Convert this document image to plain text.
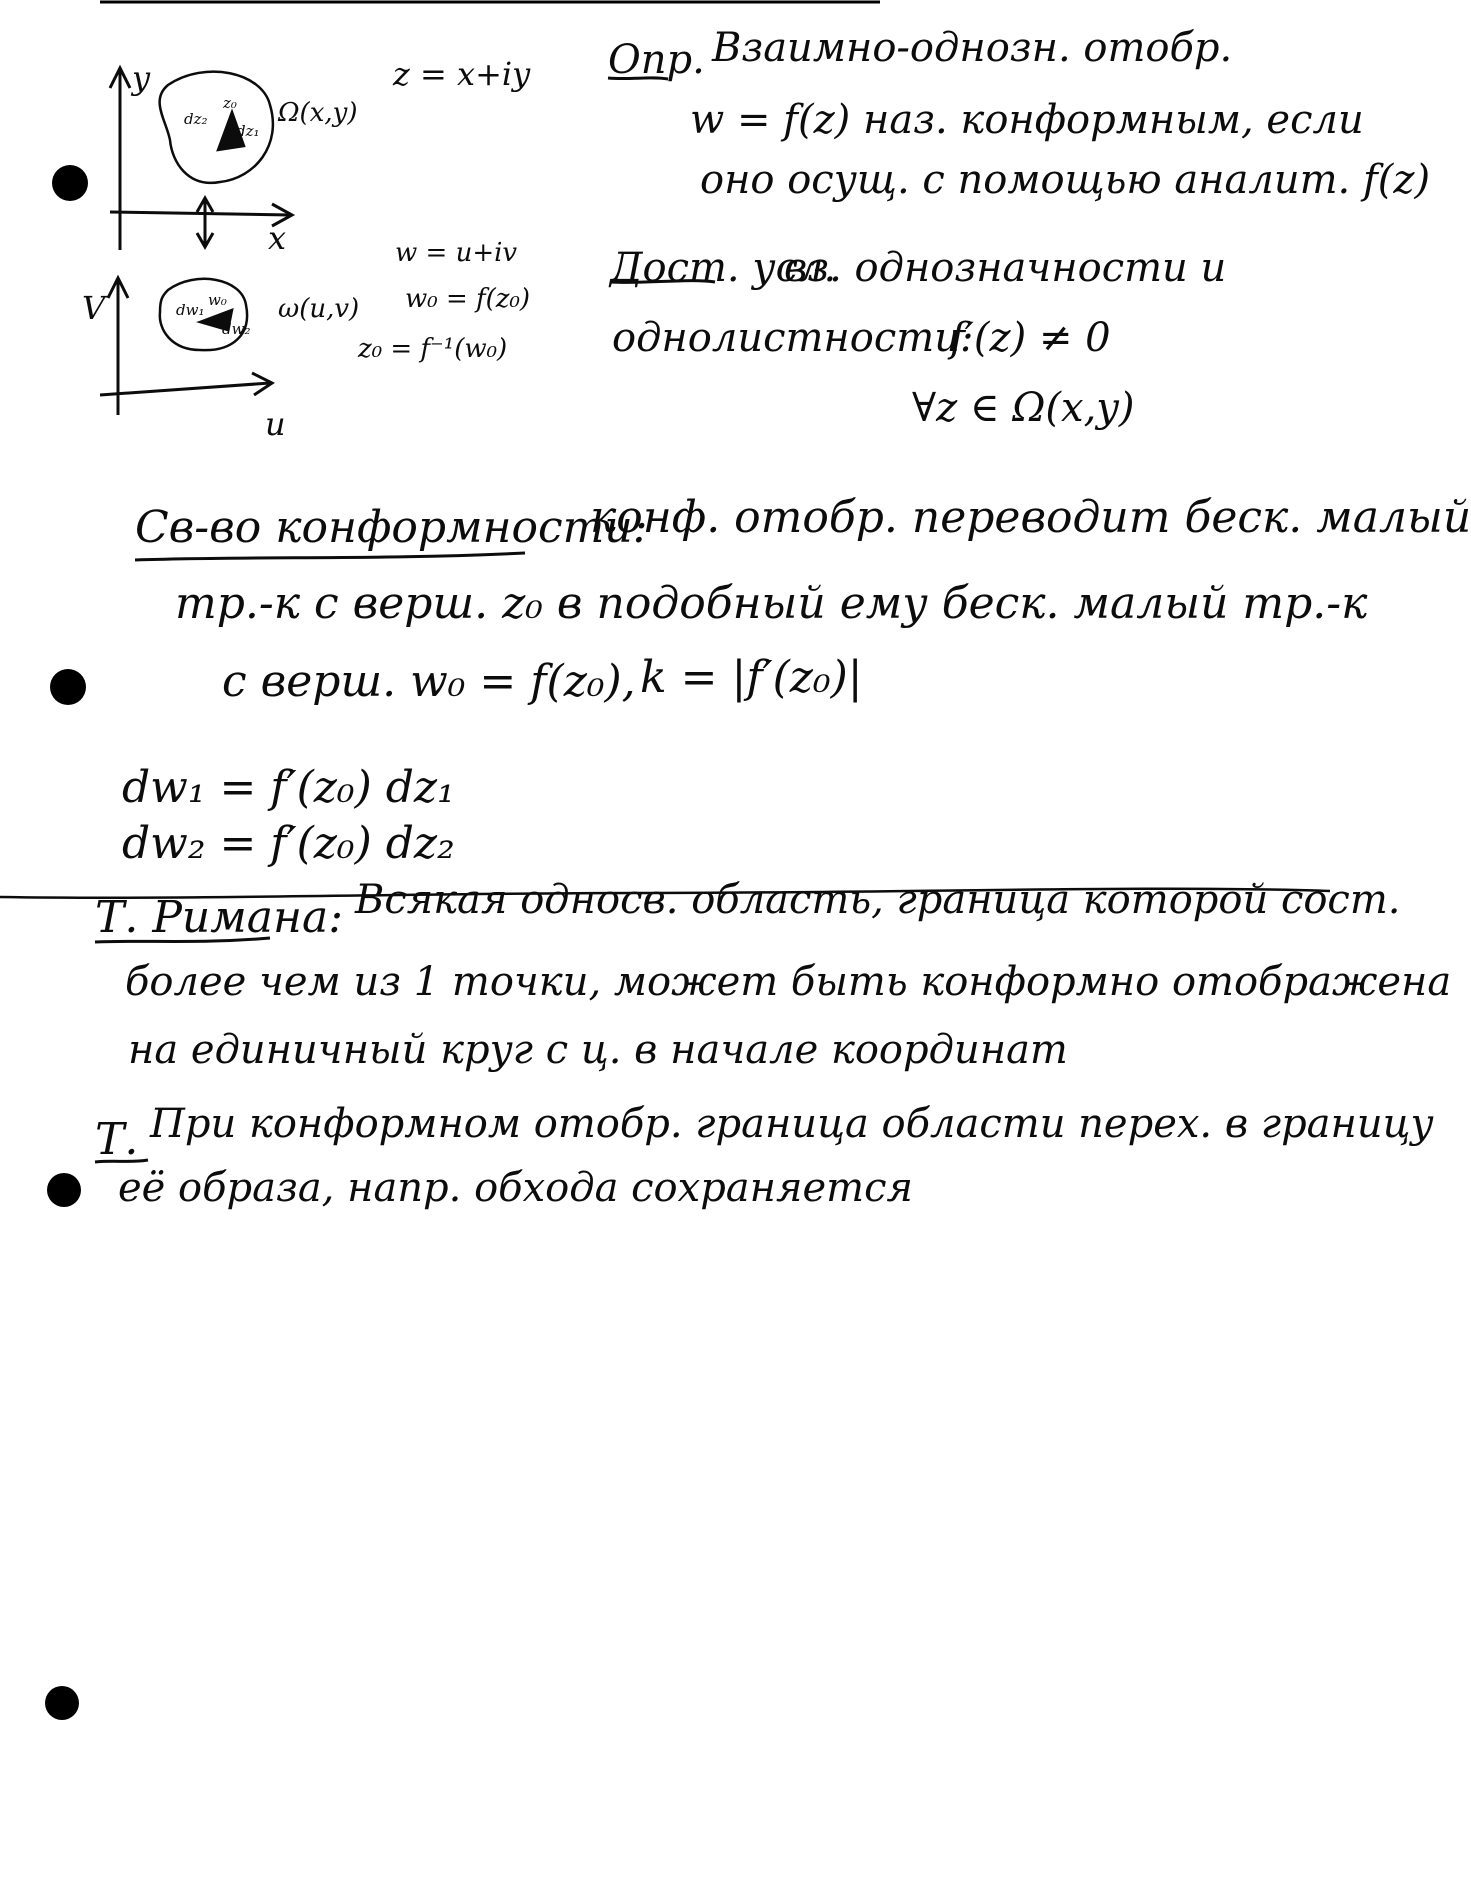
y
x
z₀
dz₂
dz₁
Ω(x,y)
z = x+iy
V
u
dw₁
w₀
dw₂
ω(u,v)
w = u+iv
w₀ = f(z₀)
z₀ = f⁻¹(w₀)
Опр. Взаимно-однозн. отобр.
w = f(z) наз. конформным, если
оно осущ. с помощью аналит. f(z)
Дост. усл.
вз. однозначности и
однолистности:
f′(z) ≠ 0
∀z ∈ Ω(x,y)
Св-во конформности:
конф. отобр. переводит беск. малый
тр.-к с верш. z₀ в подобный ему беск. малый тр.-к
с верш. w₀ = f(z₀), k = |f′(z₀)|
dw₁ = f′(z₀) dz₁
dw₂ = f′(z₀) dz₂
Т. Римана: Всякая односв. область, граница которой сост.
более чем из 1 точки, может быть конформно отображена
на единичный круг с ц. в начале координат
Т. При конформном отобр. граница области перех. в границу
её образа, напр. обхода сохраняется
